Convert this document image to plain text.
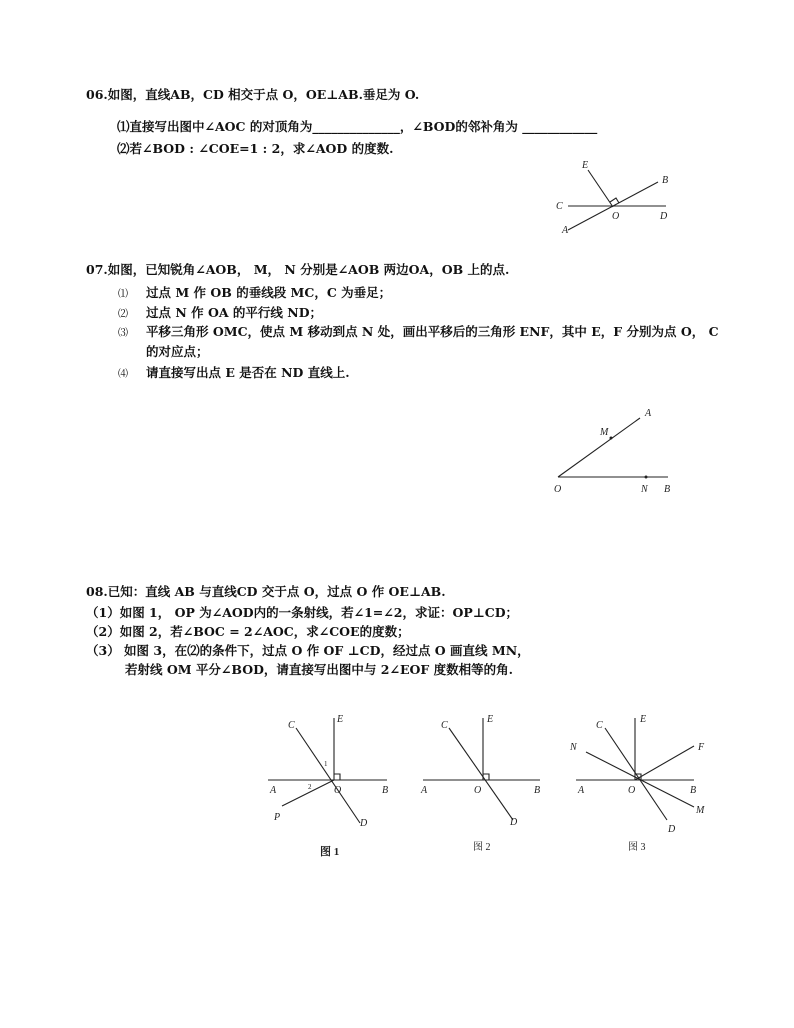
06.如图，直线AB，CD 相交于点 O，OE⊥AB.垂足为 O.
⑴直接写出图中∠AOC 的对顶角为______________，∠BOD的邻补角为 ____________
⑵若∠BOD : ∠COE=1 : 2，求∠AOD 的度数.
E
B
C
O	D
A
07.如图，已知锐角∠AOB， M， N 分别是∠AOB 两边OA，OB 上的点.
⑴ 过点 M 作 OB 的垂线段 MC，C 为垂足；
⑵ 过点 N 作 OA 的平行线 ND；
⑶ 平移三角形 OMC，使点 M 移动到点 N 处，画出平移后的三角形 ENF，其中 E，F 分别为点 O， C
的对应点；
⑷ 请直接写出点 E 是否在 ND 直线上.
A
M
O	N B
08.已知：直线 AB 与直线CD 交于点 O，过点 O 作 OE⊥AB.
（1）如图 1， OP 为∠AOD内的一条射线，若∠1=∠2，求证：OP⊥CD；
（2）如图 2，若∠BOC = 2∠AOC，求∠COE的度数；
（3） 如图 3，在⑵的条件下，过点 O 作 OF ⊥CD，经过点 O 画直线 MN，
若射线 OM 平分∠BOD，请直接写出图中与 2∠EOF 度数相等的角.
C
E
1
2
A	O	B
P
D
图 1
C
E
A	O	B
D
图 2
C
E
N	F
A	O	B
M
D
图 3
